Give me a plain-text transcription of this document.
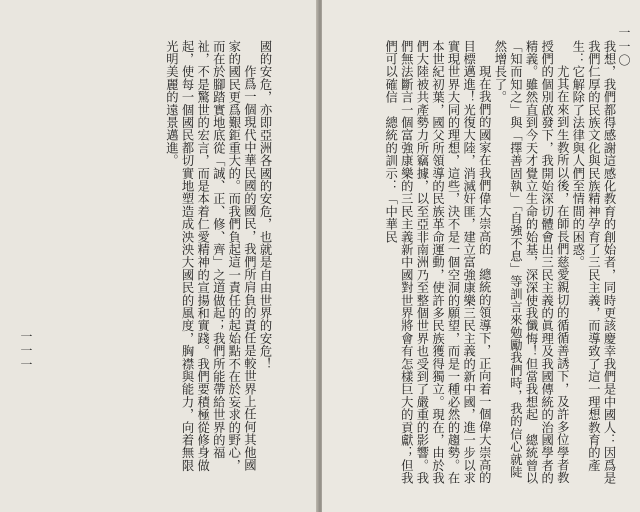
國的安危，亦即亞洲各國的安危，也就是自由世界的安危！

作爲一個現代中華民國的國民，我們所肩負的責任是較世界上任何其他國家的國民更爲艱鉅重大的。而我們負起這一責任的起始點不在於妄求的野心，而在於腳踏實地底從「誠、正、修、齊」之道做起；我們所能帶給世界的福祉，不是驚世的宏言，而是本着仁愛精神的宣揚和實踐。我們要積極從修身做起，使每一個國民都切實地塑造成泱泱大國民的風度，胸襟與能力，向着無限光明美麗的遠景邁進。

一一一	我想，我們都得感謝這感化教育的創始者，同時更該慶幸我們是中國人：因爲是我們仁厚的民族文化與民族精神孕育了三民主義，而導致了這一理想教育的產生：它解除了法律與人們至情間的困惑。

尤其在來到生教所以後，在師長們慈愛親切的循循善誘下，及許多位學者教授們的個別啟發下，我開始深切體會出三民主義的眞理及我國傳統的治國學者的精義。雖然直到今天才覺立生命的始基，深深使我懺悔！但當我想起　總統曾以「知而知之」與「擇善固執」「自強不息」等訓言來勉勵我們時，我的信心就陡然增長了。

現在我們的國家在我們偉大崇高的　總統的領導下，正向着一個偉大崇高的目標邁進！光復大陸，消滅奸匪，建立富強康樂三民主義的新中國，進一步以求實現世界大同的理想，這些，決不是一個空洞的願望，而是一種必然的趨勢。在本世紀初葉，國父所領導的民族革命運動，使許多民族獲得獨立。現在，由於我們大陸被共產勢力所竊據，以至亞非南洲乃至整個世界也受到了嚴重的影響。我們無法斷言一個富強康樂的三民主義新中國對世界將會有怎樣巨大的貢獻；但我們可以確信　總統的訓示：「中華民	一一〇
